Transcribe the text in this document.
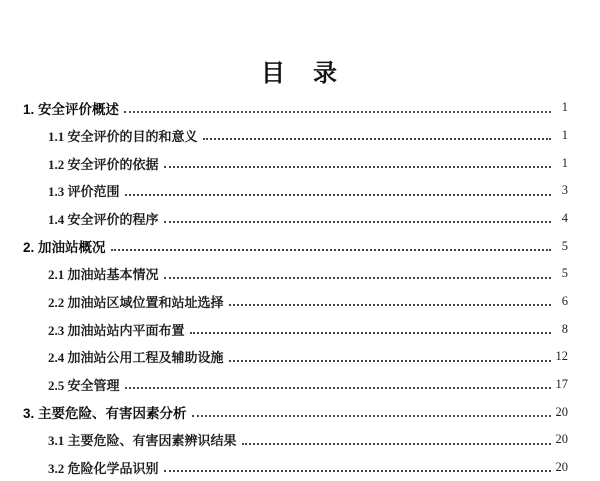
目　录
1. 安全评价概述	1
1.1 安全评价的目的和意义	1
1.2 安全评价的依据	1
1.3 评价范围	3
1.4 安全评价的程序	4
2. 加油站概况	5
2.1 加油站基本情况	5
2.2 加油站区域位置和站址选择	6
2.3 加油站站内平面布置	8
2.4 加油站公用工程及辅助设施	12
2.5 安全管理	17
3. 主要危险、有害因素分析	20
3.1 主要危险、有害因素辨识结果	20
3.2 危险化学品识别	20
